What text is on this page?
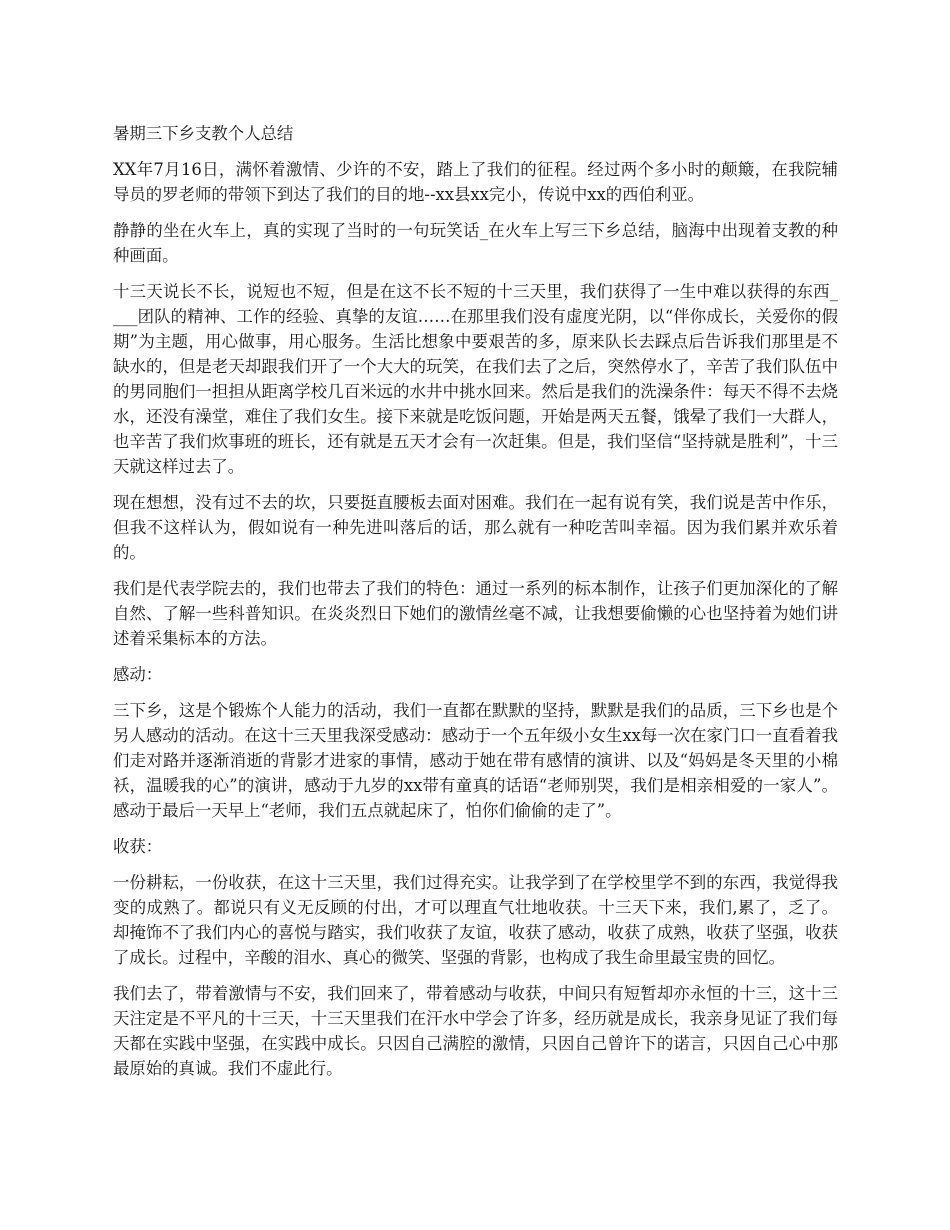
暑期三下乡支教个人总结

XX年7月16日，满怀着激情、少许的不安，踏上了我们的征程。经过两个多小时的颠簸，在我院辅导员的罗老师的带领下到达了我们的目的地--xx县xx完小，传说中xx的西伯利亚。

静静的坐在火车上，真的实现了当时的一句玩笑话_在火车上写三下乡总结，脑海中出现着支教的种种画面。

十三天说长不长，说短也不短，但是在这不长不短的十三天里，我们获得了一生中难以获得的东西_ ___团队的精神、工作的经验、真挚的友谊……在那里我们没有虚度光阴，以“伴你成长，关爱你的假期”为主题，用心做事，用心服务。生活比想象中要艰苦的多，原来队长去踩点后告诉我们那里是不缺水的，但是老天却跟我们开了一个大大的玩笑，在我们去了之后，突然停水了，辛苦了我们队伍中的男同胞们一担担从距离学校几百米远的水井中挑水回来。然后是我们的洗澡条件：每天不得不去烧水，还没有澡堂，难住了我们女生。接下来就是吃饭问题，开始是两天五餐，饿晕了我们一大群人，也辛苦了我们炊事班的班长，还有就是五天才会有一次赶集。但是，我们坚信“坚持就是胜利”，十三天就这样过去了。

现在想想，没有过不去的坎，只要挺直腰板去面对困难。我们在一起有说有笑，我们说是苦中作乐，但我不这样认为，假如说有一种先进叫落后的话，那么就有一种吃苦叫幸福。因为我们累并欢乐着的。

我们是代表学院去的，我们也带去了我们的特色：通过一系列的标本制作，让孩子们更加深化的了解自然、了解一些科普知识。在炎炎烈日下她们的激情丝毫不减，让我想要偷懒的心也坚持着为她们讲述着采集标本的方法。

感动：

三下乡，这是个锻炼个人能力的活动，我们一直都在默默的坚持，默默是我们的品质，三下乡也是个另人感动的活动。在这十三天里我深受感动：感动于一个五年级小女生xx每一次在家门口一直看着我们走对路并逐渐消逝的背影才进家的事情，感动于她在带有感情的演讲、以及“妈妈是冬天里的小棉袄，温暖我的心”的演讲，感动于九岁的xx带有童真的话语“老师别哭，我们是相亲相爱的一家人”。感动于最后一天早上“老师，我们五点就起床了，怕你们偷偷的走了”。

收获：

一份耕耘，一份收获，在这十三天里，我们过得充实。让我学到了在学校里学不到的东西，我觉得我变的成熟了。都说只有义无反顾的付出，才可以理直气壮地收获。十三天下来，我们,累了，乏了。却掩饰不了我们内心的喜悦与踏实，我们收获了友谊，收获了感动，收获了成熟，收获了坚强，收获了成长。过程中，辛酸的泪水、真心的微笑、坚强的背影，也构成了我生命里最宝贵的回忆。

我们去了，带着激情与不安，我们回来了，带着感动与收获，中间只有短暂却亦永恒的十三，这十三天注定是不平凡的十三天，十三天里我们在汗水中学会了许多，经历就是成长，我亲身见证了我们每天都在实践中坚强，在实践中成长。只因自己满腔的激情，只因自己曾许下的诺言，只因自己心中那最原始的真诚。我们不虚此行。
